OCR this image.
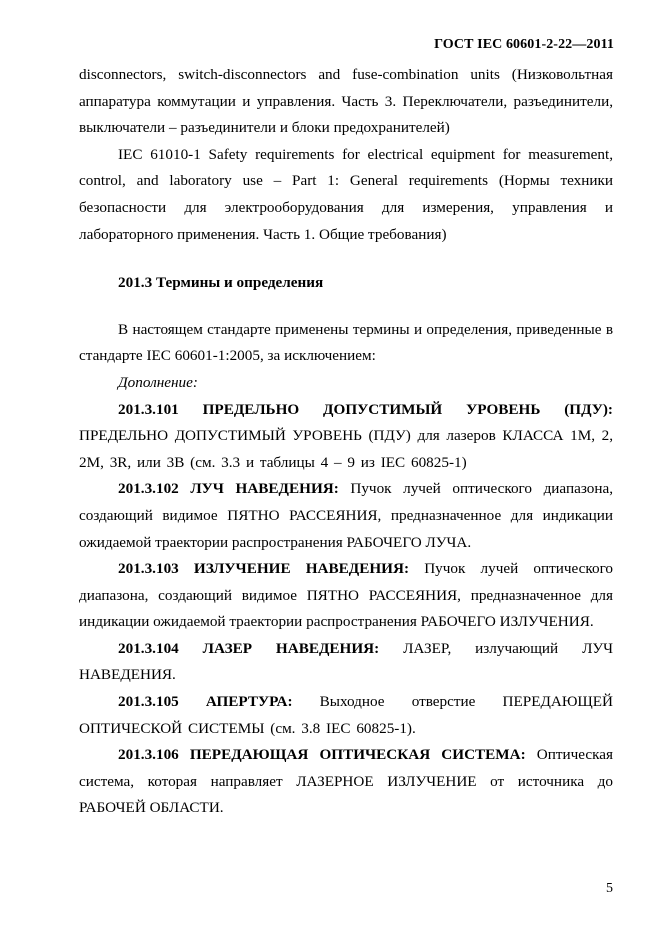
ГОСТ IEC 60601-2-22—2011

disconnectors, switch-disconnectors and fuse-combination units (Низковольтная аппаратура коммутации и управления. Часть 3. Переключатели, разъединители, выключатели – разъединители и блоки предохранителей)

IEC 61010-1 Safety requirements for electrical equipment for measurement, control, and laboratory use – Part 1: General requirements (Нормы техники безопасности для электрооборудования для измерения, управления и лабораторного применения. Часть 1. Общие требования)

201.3 Термины и определения

В настоящем стандарте применены термины и определения, приведенные в стандарте IEC 60601-1:2005, за исключением:

Дополнение:

201.3.101 ПРЕДЕЛЬНО ДОПУСТИМЫЙ УРОВЕНЬ (ПДУ): ПРЕДЕЛЬНО ДОПУСТИМЫЙ УРОВЕНЬ (ПДУ) для лазеров КЛАССА 1М, 2, 2М, 3R, или 3В (см. 3.3 и таблицы 4 – 9 из IEC 60825-1)

201.3.102 ЛУЧ НАВЕДЕНИЯ: Пучок лучей оптического диапазона, создающий видимое ПЯТНО РАССЕЯНИЯ, предназначенное для индикации ожидаемой траектории распространения РАБОЧЕГО ЛУЧА.

201.3.103 ИЗЛУЧЕНИЕ НАВЕДЕНИЯ: Пучок лучей оптического диапазона, создающий видимое ПЯТНО РАССЕЯНИЯ, предназначенное для индикации ожидаемой траектории распространения РАБОЧЕГО ИЗЛУЧЕНИЯ.

201.3.104 ЛАЗЕР НАВЕДЕНИЯ: ЛАЗЕР, излучающий ЛУЧ НАВЕДЕНИЯ.

201.3.105 АПЕРТУРА: Выходное отверстие ПЕРЕДАЮЩЕЙ ОПТИЧЕСКОЙ СИСТЕМЫ (см. 3.8 IEC 60825-1).

201.3.106 ПЕРЕДАЮЩАЯ ОПТИЧЕСКАЯ СИСТЕМА: Оптическая система, которая направляет ЛАЗЕРНОЕ ИЗЛУЧЕНИЕ от источника до РАБОЧЕЙ ОБЛАСТИ.

5
